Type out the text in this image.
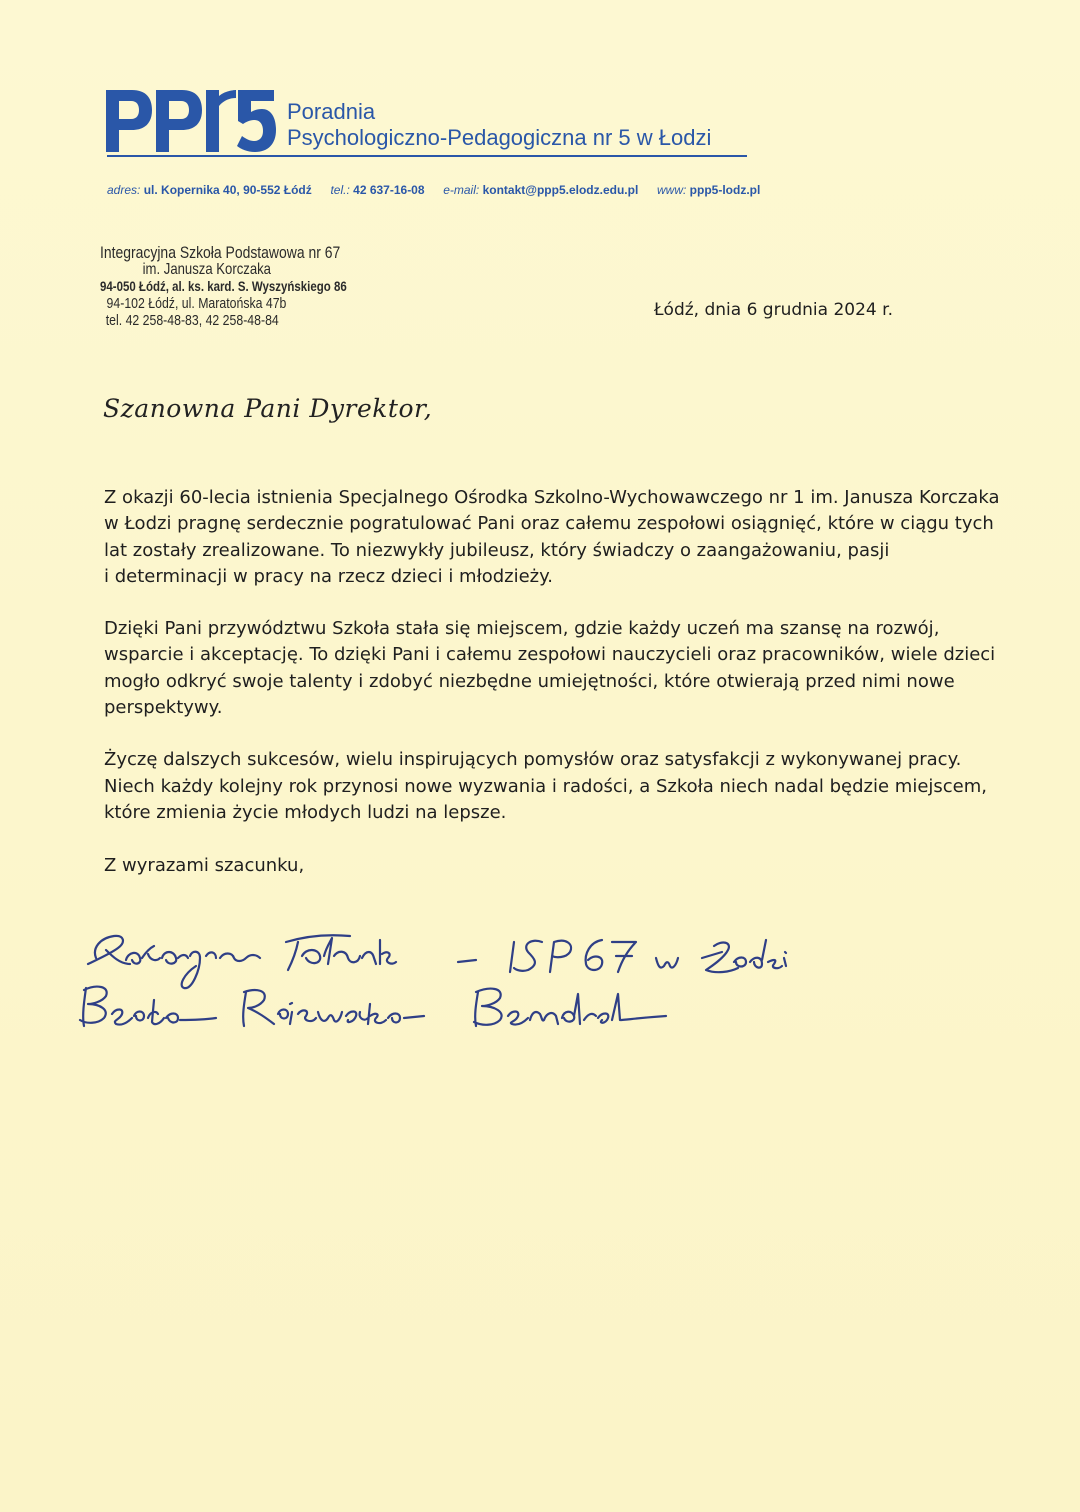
Poradnia
Psychologiczno-Pedagogiczna nr 5 w Łodzi
adres: ul. Kopernika 40, 90-552 Łódź tel.: 42 637-16-08 e-mail: kontakt@ppp5.elodz.edu.pl www: ppp5-lodz.pl
Integracyjna Szkoła Podstawowa nr 67
im. Janusza Korczaka
94-050 Łódź, al. ks. kard. S. Wyszyńskiego 86
94-102 Łódź, ul. Maratońska 47b
tel. 42 258-48-83, 42 258-48-84
Łódź, dnia 6 grudnia 2024 r.
Szanowna Pani Dyrektor,
Z okazji 60-lecia istnienia Specjalnego Ośrodka Szkolno-Wychowawczego nr 1 im. Janusza Korczaka
w Łodzi pragnę serdecznie pogratulować Pani oraz całemu zespołowi osiągnięć, które w ciągu tych
lat zostały zrealizowane. To niezwykły jubileusz, który świadczy o zaangażowaniu, pasji
i determinacji w pracy na rzecz dzieci i młodzieży.
Dzięki Pani przywództwu Szkoła stała się miejscem, gdzie każdy uczeń ma szansę na rozwój,
wsparcie i akceptację. To dzięki Pani i całemu zespołowi nauczycieli oraz pracowników, wiele dzieci
mogło odkryć swoje talenty i zdobyć niezbędne umiejętności, które otwierają przed nimi nowe
perspektywy.
Życzę dalszych sukcesów, wielu inspirujących pomysłów oraz satysfakcji z wykonywanej pracy.
Niech każdy kolejny rok przynosi nowe wyzwania i radości, a Szkoła niech nadal będzie miejscem,
które zmienia życie młodych ludzi na lepsze.
Z wyrazami szacunku,
